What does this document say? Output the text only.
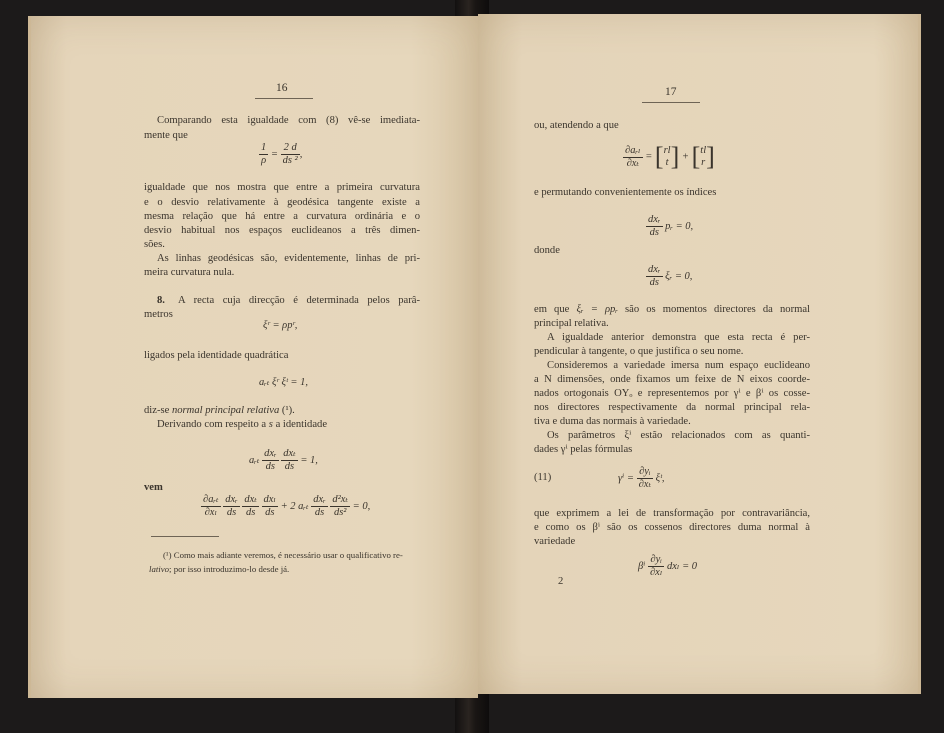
16
Comparando esta igualdade com (8) vê-se imediata-
mente que
$\frac{1}{\rho} = \frac{2 d}{\text{ds ²}}$ ,
igualdade que nos mostra que entre a primeira curvatura
e o desvio relativamente à geodésica tangente existe a
mesma relação que há entre a curvatura ordinária e o
desvio habitual nos espaços euclideanos a três dimen-
sões.
As linhas geodésicas são, evidentemente, linhas de pri-
meira curvatura nula.
8. A recta cuja direcção é determinada pelos parâ-
metros
ξʳ = ρpʳ,
ligados pela identidade quadrática
aᵣₜ ξʳ ξᵗ = 1,
diz-se normal principal relativa (¹).
Derivando com respeito a s a identidade
aᵣₜ $\frac{\text{dxᵣ}}{ds}$
$\frac{\text{dxₜ}}{ds} = 1$,
vem
$\frac{\text{∂aᵣₜ}}{\text{∂xₗ}}$
$\frac{\text{dxᵣ}}{ds}$
$\frac{\text{dxₜ}}{ds}$
$\frac{\text{dxₗ}}{ds} + 2$ aᵣₜ $\frac{\text{dxᵣ}}{ds}$
$\frac{\text{d²xₜ}}{\text{ds²}} = 0$,
(¹) Como mais adiante veremos, é necessário usar o qualificativo re-
lativo; por isso introduzimo-lo desde já.
17
ou, atendendo a que
$\frac{\text{∂aᵣₗ}}{\text{∂xₜ}}$ = [ rl
t ] + [ tl
r ]
e permutando convenientemente os índices
$\frac{\text{dxᵣ}}{ds}$ pᵣ = 0,
donde
$\frac{\text{dxᵣ}}{ds}$ ξᵣ = 0,
em que ξᵣ = ρpᵣ são os momentos directores da normal
principal relativa.
A igualdade anterior demonstra que esta recta é per-
pendicular à tangente, o que justifica o seu nome.
Consideremos a variedade imersa num espaço euclideano
a N dimensões, onde fixamos um feixe de N eixos coorde-
nados ortogonais OYₒ e representemos por γⁱ e βⁱ os cosse-
nos directores respectivamente da normal principal rela-
tiva e duma das normais à variedade.
Os parâmetros ξⁱ estão relacionados com as quanti-
dades γⁱ pelas fórmulas
(11)	$\gamma^i = \frac{\text{∂yᵢ}}{\text{∂xₜ}}$ ξᵗ,
que exprimem a lei de transformação por contravariância,
e como os βⁱ são os cossenos directores duma normal à
variedade
βⁱ $\frac{\text{∂yᵢ}}{\text{∂xₗ}}$ dxₗ = 0
2
